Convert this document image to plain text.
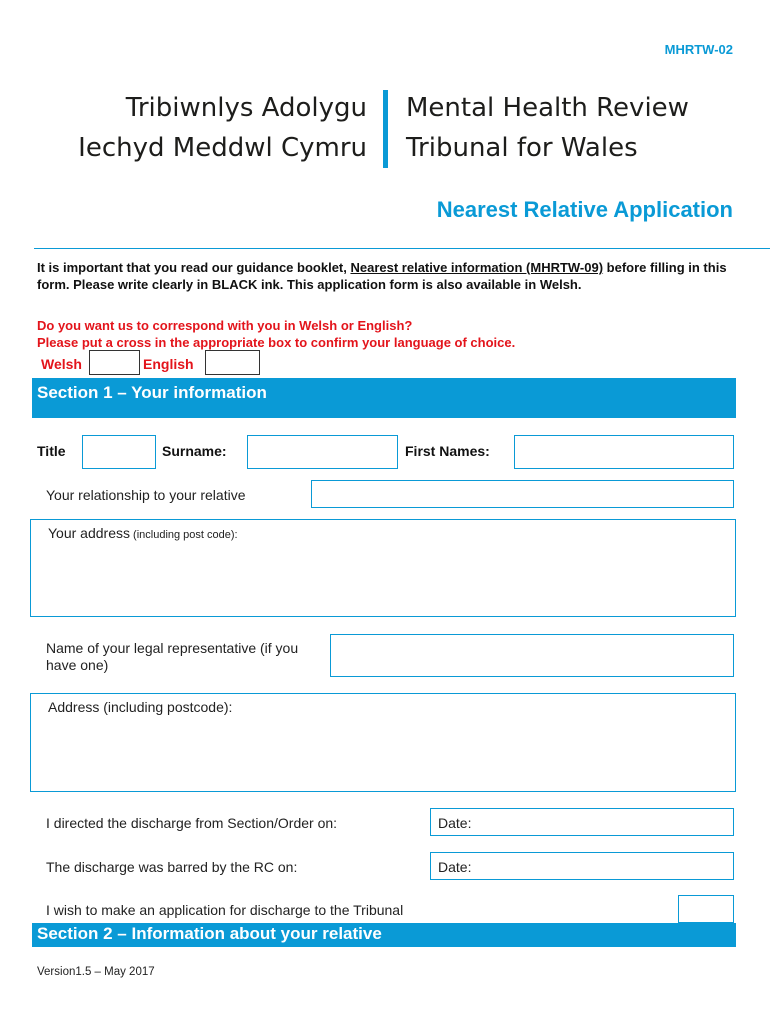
MHRTW-02
Tribiwnlys Adolygu
Iechyd Meddwl Cymru
Mental Health Review
Tribunal for Wales
Nearest Relative Application
It is important that you read our guidance booklet, Nearest relative information (MHRTW-09) before filling in this form. Please write clearly in BLACK ink. This application form is also available in Welsh.
Do you want us to correspond with you in Welsh or English?
Please put a cross in the appropriate box to confirm your language of choice.
Welsh	English
Section 1 – Your information
Title	Surname:	First Names:
Your relationship to your relative
Your address (including post code):
Name of your legal representative (if you have one)
Address (including postcode):
I directed the discharge from Section/Order on:	Date:
The discharge was barred by the RC on:	Date:
I wish to make an application for discharge to the Tribunal
Section 2 – Information about your relative
Version1.5 – May 2017
